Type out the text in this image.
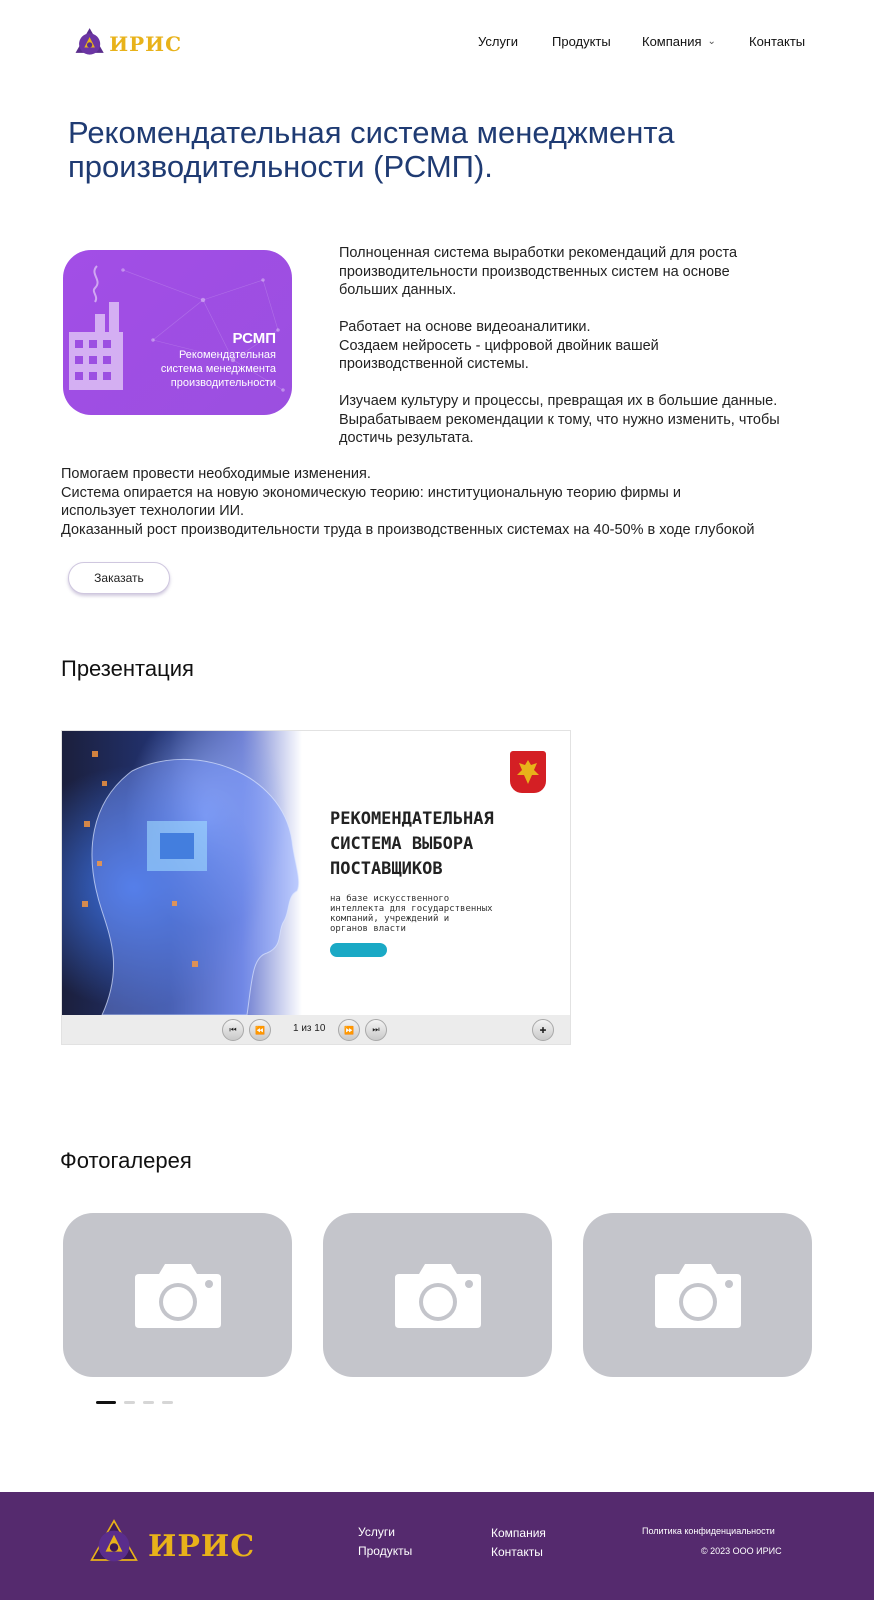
ИРИС	Услуги	Продукты Компания ⌄	Контакты
Рекомендательная система менеджмента
производительности (РСМП).
РСМП
Рекомендательная
система менеджмента
производительности

Полноценная система выработки рекомендаций для роста

производительности производственных систем на основе

больших данных.

Работает на основе видеоаналитики.

Создаем нейросеть - цифровой двойник вашей

производственной системы.

Изучаем культуру и процессы, превращая их в большие данные.

Вырабатываем рекомендации к тому, что нужно изменить, чтобы

достичь результата.

Помогаем провести необходимые изменения.

Система опирается на новую экономическую теорию: институциональную теорию фирмы и

использует технологии ИИ.

Доказанный рост производительности труда в производственных системах на 40-50% в ходе глубокой

Заказать
Презентация
РЕКОМЕНДАТЕЛЬНАЯ
СИСТЕМА ВЫБОРА
ПОСТАВЩИКОВ
на базе искусственного
интеллекта для государственных
компаний, учреждений и
органов власти
⏮ ⏪	1 из 10 ⏩ ⏭	✚
Фотогалерея
ИРИС	Услуги
Продукты
Компания
Контакты
Политика конфиденциальности
© 2023 ООО ИРИС
